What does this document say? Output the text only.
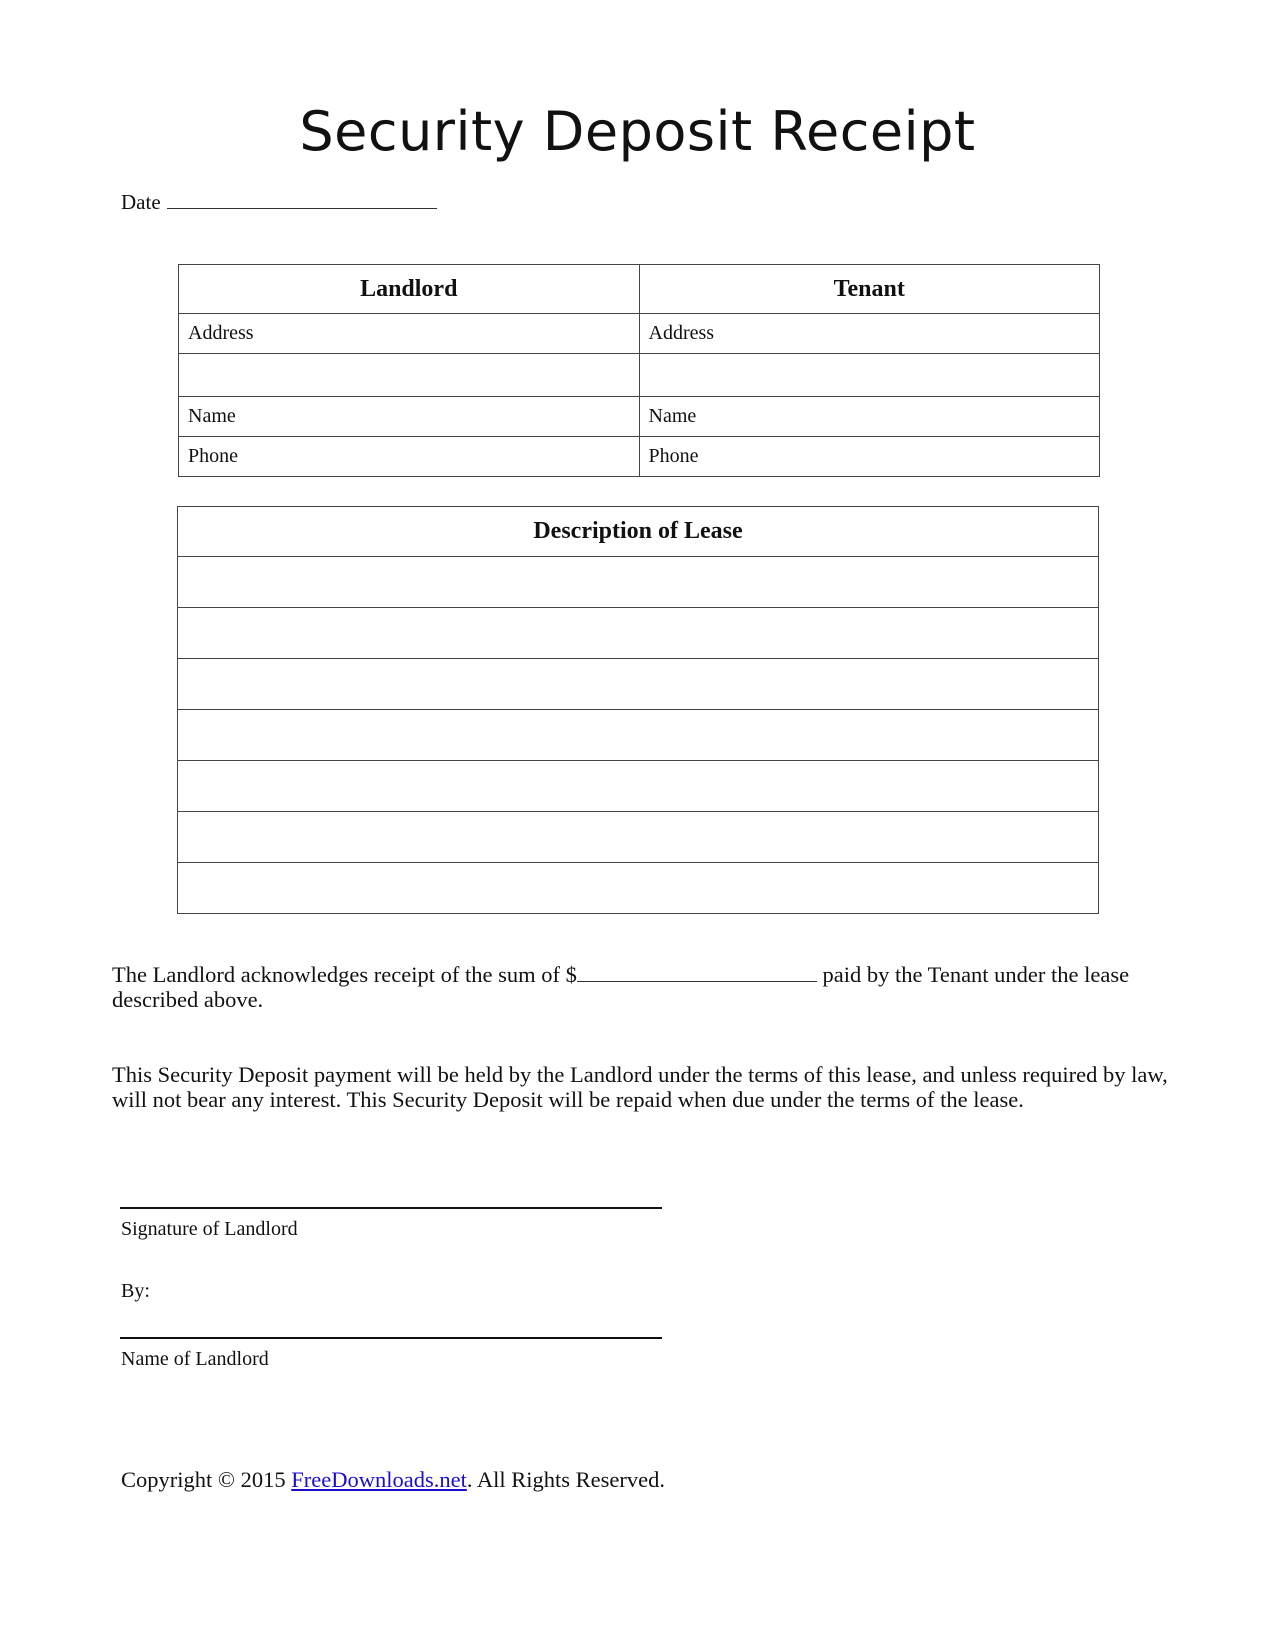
Security Deposit Receipt
Date
Landlord	Tenant
Address	Address

Name	Name
Phone	Phone
Description of Lease

The Landlord acknowledges receipt of the sum of $	paid by the Tenant under the lease described above.
This Security Deposit payment will be held by the Landlord under the terms of this lease, and unless required by law, will not bear any interest. This Security Deposit will be repaid when due under the terms of the lease.
Signature of Landlord
By:
Name of Landlord
Copyright © 2015 FreeDownloads.net. All Rights Reserved.
